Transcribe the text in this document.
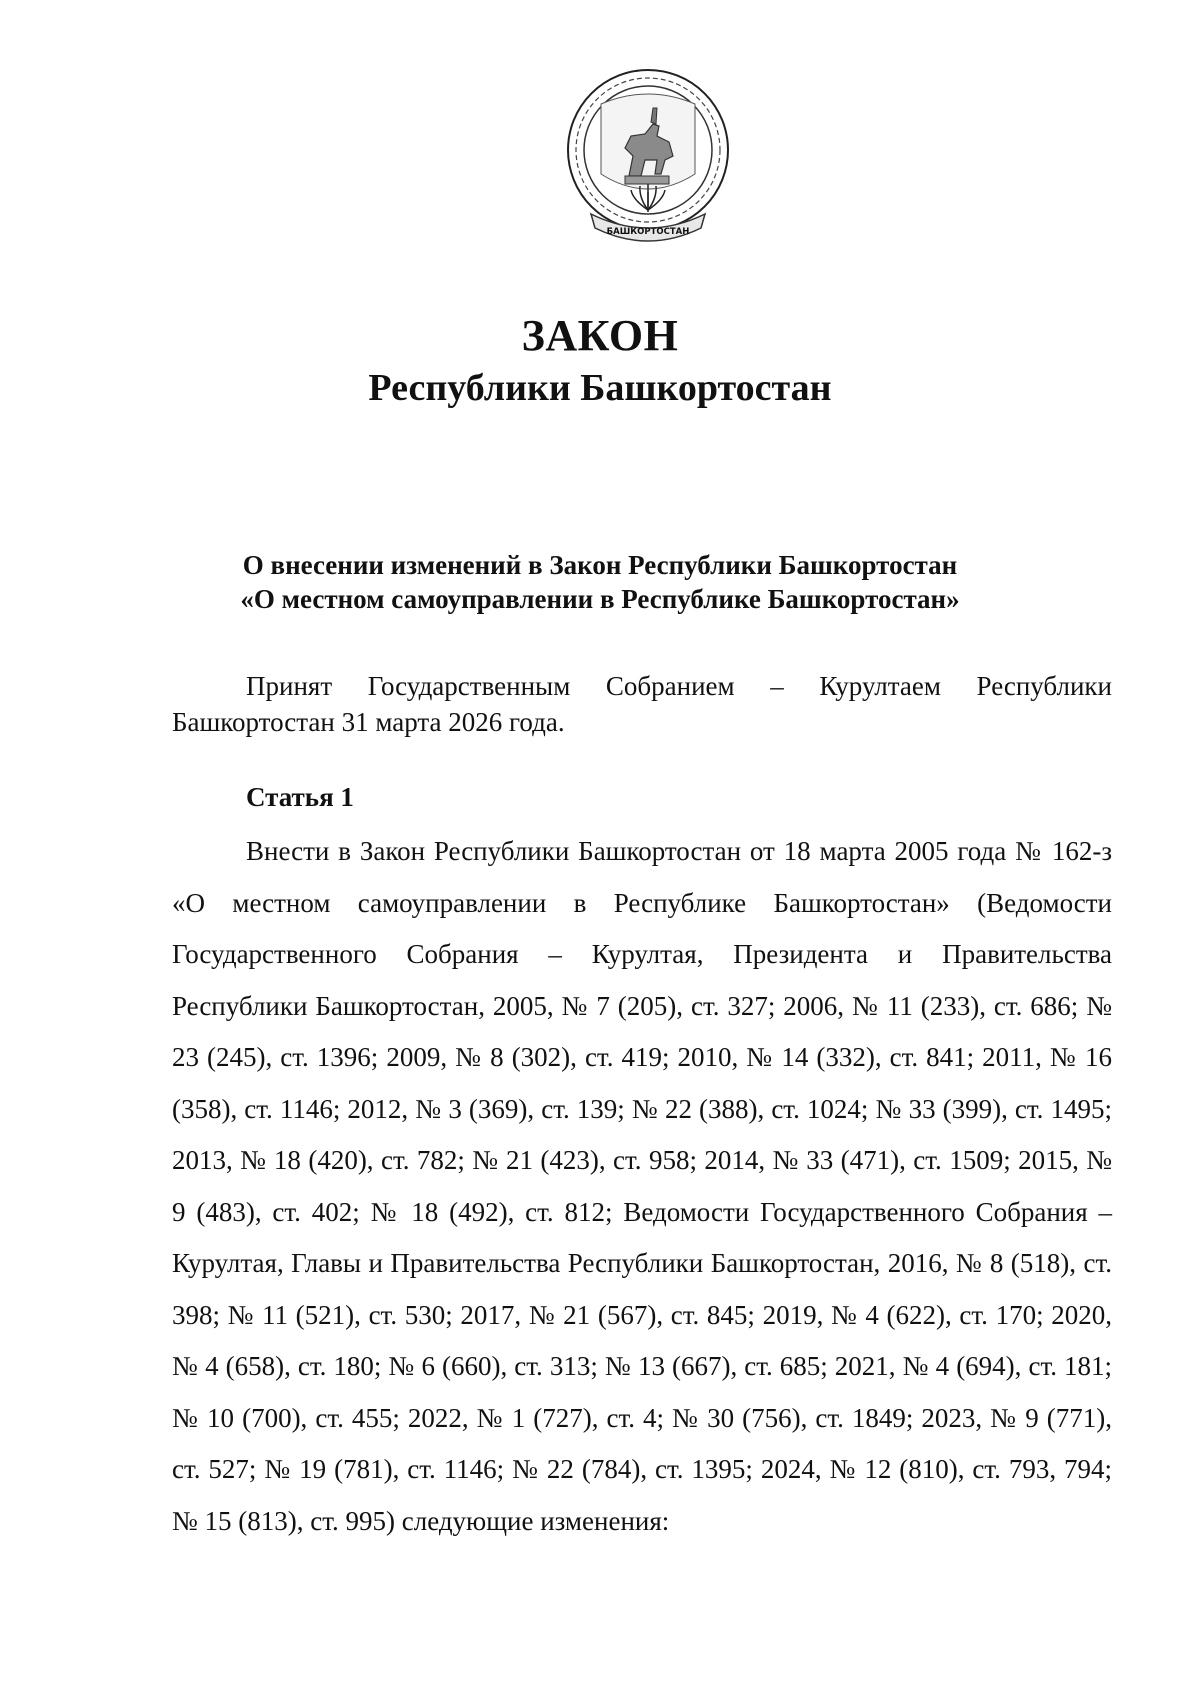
БАШКОРТОСТАН
ЗАКОН
Республики Башкортостан
О внесении изменений в Закон Республики Башкортостан
«О местном самоуправлении в Республике Башкортостан»
Принят Государственным Собранием – Курултаем Республики Башкортостан 31 марта 2026 года.
Статья 1
Внести в Закон Республики Башкортостан от 18 марта 2005 года № 162-з «О местном самоуправлении в Республике Башкортостан» (Ведомости Государственного Собрания – Курултая, Президента и Правительства Республики Башкортостан, 2005, № 7 (205), ст. 327; 2006, № 11 (233), ст. 686; № 23 (245), ст. 1396; 2009, № 8 (302), ст. 419; 2010, № 14 (332), ст. 841; 2011, № 16 (358), ст. 1146; 2012, № 3 (369), ст. 139; № 22 (388), ст. 1024; № 33 (399), ст. 1495; 2013, № 18 (420), ст. 782; № 21 (423), ст. 958; 2014, № 33 (471), ст. 1509; 2015, № 9 (483), ст. 402; № 18 (492), ст. 812; Ведомости Государственного Собрания – Курултая, Главы и Правительства Республики Башкортостан, 2016, № 8 (518), ст. 398; № 11 (521), ст. 530; 2017, № 21 (567), ст. 845; 2019, № 4 (622), ст. 170; 2020, № 4 (658), ст. 180; № 6 (660), ст. 313; № 13 (667), ст. 685; 2021, № 4 (694), ст. 181; № 10 (700), ст. 455; 2022, № 1 (727), ст. 4; № 30 (756), ст. 1849; 2023, № 9 (771), ст. 527; № 19 (781), ст. 1146; № 22 (784), ст. 1395; 2024, № 12 (810), ст. 793, 794; № 15 (813), ст. 995) следующие изменения:
